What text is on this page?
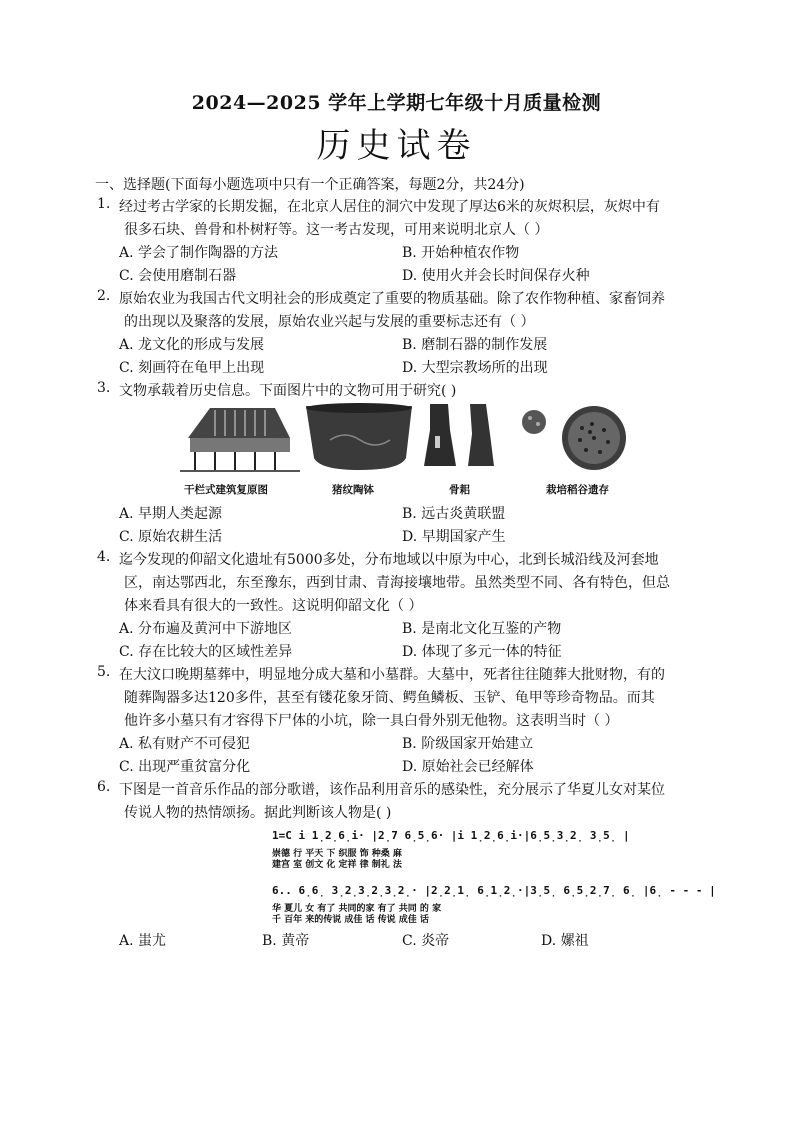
2024—2025 学年上学期七年级十月质量检测
历史试卷
一、选择题(下面每小题选项中只有一个正确答案，每题2分，共24分)
1. 经过考古学家的长期发掘，在北京人居住的洞穴中发现了厚达6米的灰烬积层，灰烬中有
很多石块、兽骨和朴树籽等。这一考古发现，可用来说明北京人（ ）
A. 学会了制作陶器的方法	B. 开始种植农作物
C. 会使用磨制石器	D. 使用火并会长时间保存火种
2. 原始农业为我国古代文明社会的形成奠定了重要的物质基础。除了农作物种植、家畜饲养
的出现以及聚落的发展，原始农业兴起与发展的重要标志还有（ ）
A. 龙文化的形成与发展	B. 磨制石器的制作发展
C. 刻画符在龟甲上出现	D. 大型宗教场所的出现
3. 文物承载着历史信息。下面图片中的文物可用于研究( )
干栏式建筑复原图	猪纹陶钵	骨耜	栽培稻谷遗存
A. 早期人类起源	B. 远古炎黄联盟
C. 原始农耕生活	D. 早期国家产生
4. 迄今发现的仰韶文化遗址有5000多处，分布地域以中原为中心，北到长城沿线及河套地
区，南达鄂西北，东至豫东，西到甘肃、青海接壤地带。虽然类型不同、各有特色，但总
体来看具有很大的一致性。这说明仰韶文化（ ）
A. 分布遍及黄河中下游地区	B. 是南北文化互鉴的产物
C. 存在比较大的区域性差异	D. 体现了多元一体的特征
5. 在大汶口晚期墓葬中，明显地分成大墓和小墓群。大墓中，死者往往随葬大批财物，有的
随葬陶器多达120多件，甚至有镂花象牙筒、鳄鱼鳞板、玉铲、龟甲等珍奇物品。而其
他许多小墓只有才容得下尸体的小坑，除一具白骨外别无他物。这表明当时（ ）
A. 私有财产不可侵犯	B. 阶级国家开始建立
C. 出现严重贫富分化	D. 原始社会已经解体
6. 下图是一首音乐作品的部分歌谱，该作品利用音乐的感染性，充分展示了华夏儿女对某位
传说人物的热情颂扬。据此判断该人物是( )
1=C i 1̣2̣6̣i· |2̣7 6̣5̣6· |i 1̣2̣6̣i·|6̣5̣3̣2̣ 3̣5̣ |
崇德 行 平天 下 织服 饰 种桑 麻
建宫 室 创文 化 定祥 律 制礼 法
6.. 6̣6̣ 3̣2̣3̣2̣3̣2̣· |2̣2̣1̣ 6̣1̣2̣·|3̣5̣ 6̣5̣2̣7̣ 6̣ |6̣ - - - |
华 夏儿 女 有了 共同的家 有了 共同 的 家
千 百年 来的传说 成佳 话 传说 成佳 话
A. 蚩尤	B. 黄帝	C. 炎帝	D. 嫘祖
